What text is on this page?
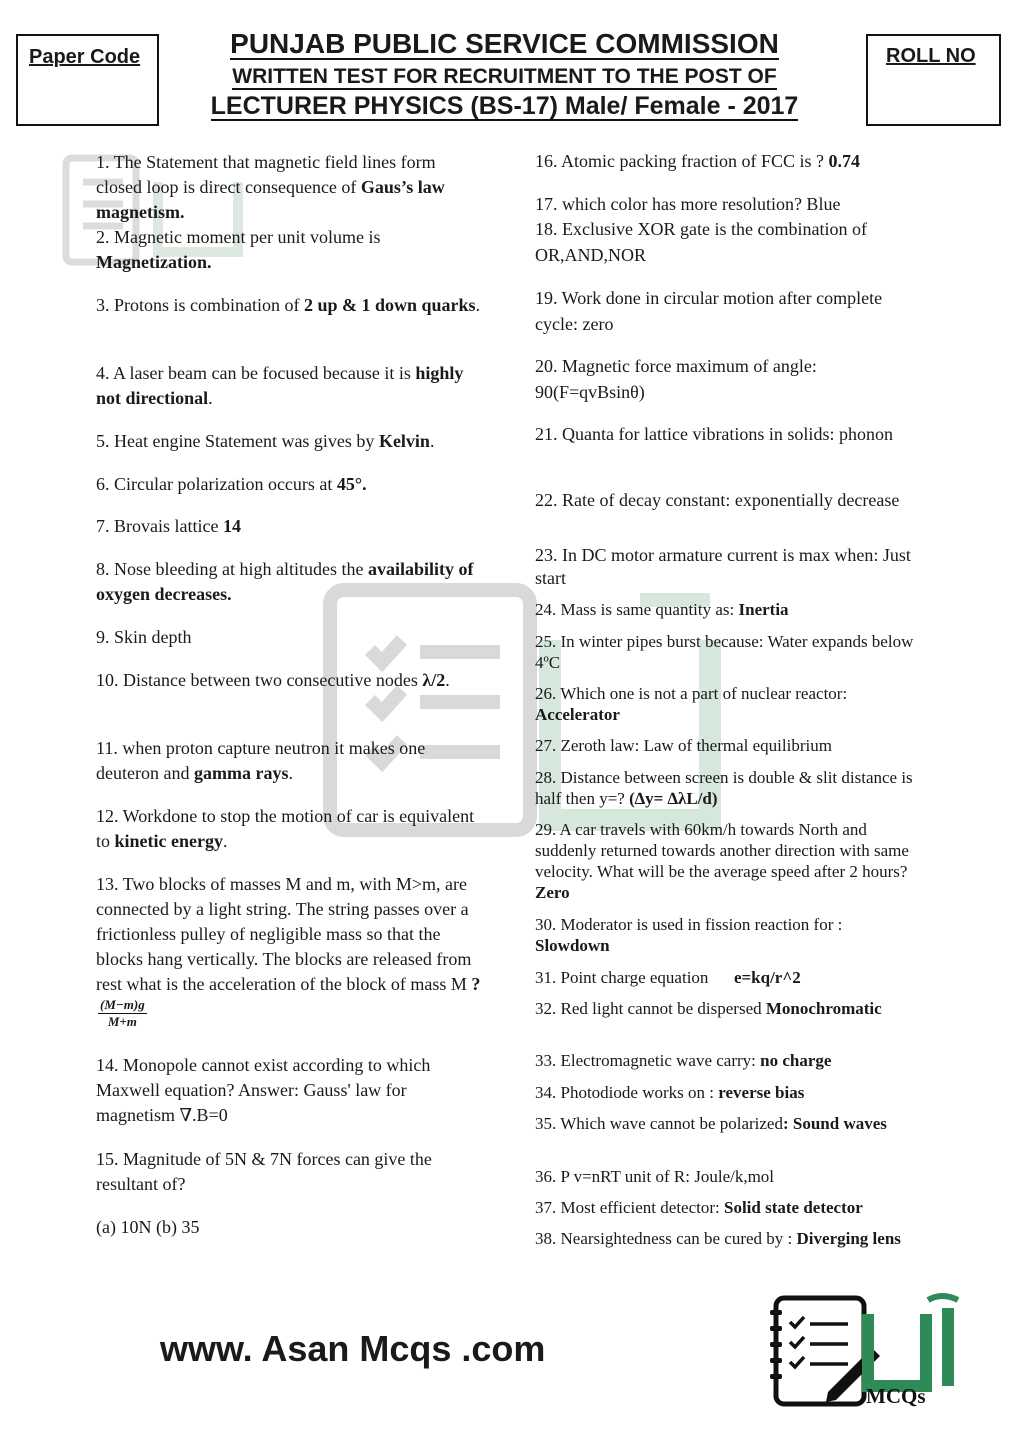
Paper Code	ROLL NO
PUNJAB PUBLIC SERVICE COMMISSION
WRITTEN TEST FOR RECRUITMENT TO THE POST OF
LECTURER PHYSICS (BS-17) Male/ Female - 2017
1. The Statement that magnetic field lines form closed loop is direct consequence of Gaus’s law magnetism.
2. Magnetic moment per unit volume is Magnetization.
3. Protons is combination of 2 up & 1 down quarks.
4. A laser beam can be focused because it is highly not directional.
5. Heat engine Statement was gives by Kelvin.
6. Circular polarization occurs at 45°.
7. Brovais lattice 14
8. Nose bleeding at high altitudes the availability of oxygen decreases.
9. Skin depth
10. Distance between two consecutive nodes λ/2.
11. when proton capture neutron it makes one deuteron and gamma rays.
12. Workdone to stop the motion of car is equivalent to kinetic energy.
13. Two blocks of masses M and m, with M>m, are connected by a light string. The string passes over a frictionless pulley of negligible mass so that the blocks hang vertically. The blocks are released from rest what is the acceleration of the block of mass M ?
$\frac{(M-m)g}{M+m}$
14. Monopole cannot exist according to which Maxwell equation? Answer: Gauss' law for magnetism ∇.B=0
15. Magnitude of 5N & 7N forces can give the resultant of?
(a) 10N (b) 35
16. Atomic packing fraction of FCC is ? 0.74
17. which color has more resolution? Blue
18. Exclusive XOR gate is the combination of OR,AND,NOR
19. Work done in circular motion after complete cycle: zero
20. Magnetic force maximum of angle: 90(F=qvBsinθ)
21. Quanta for lattice vibrations in solids: phonon
22. Rate of decay constant: exponentially decrease
23. In DC motor armature current is max when: Just start
24. Mass is same quantity as: Inertia
25. In winter pipes burst because: Water expands below 4ºC
26. Which one is not a part of nuclear reactor: Accelerator
27. Zeroth law: Law of thermal equilibrium
28. Distance between screen is double & slit distance is half then y=? (∆y= ∆λL/d)
29. A car travels with 60km/h towards North and suddenly returned towards another direction with same velocity. What will be the average speed after 2 hours? Zero
30. Moderator is used in fission reaction for : Slowdown
31. Point charge equation      e=kq/r^2
32. Red light cannot be dispersed Monochromatic
33. Electromagnetic wave carry: no charge
34. Photodiode works on : reverse bias
35. Which wave cannot be polarized: Sound waves
36. P v=nRT unit of R: Joule/k,mol
37. Most efficient detector: Solid state detector
38. Nearsightedness can be cured by : Diverging lens
www. Asan Mcqs .com
MCQs
